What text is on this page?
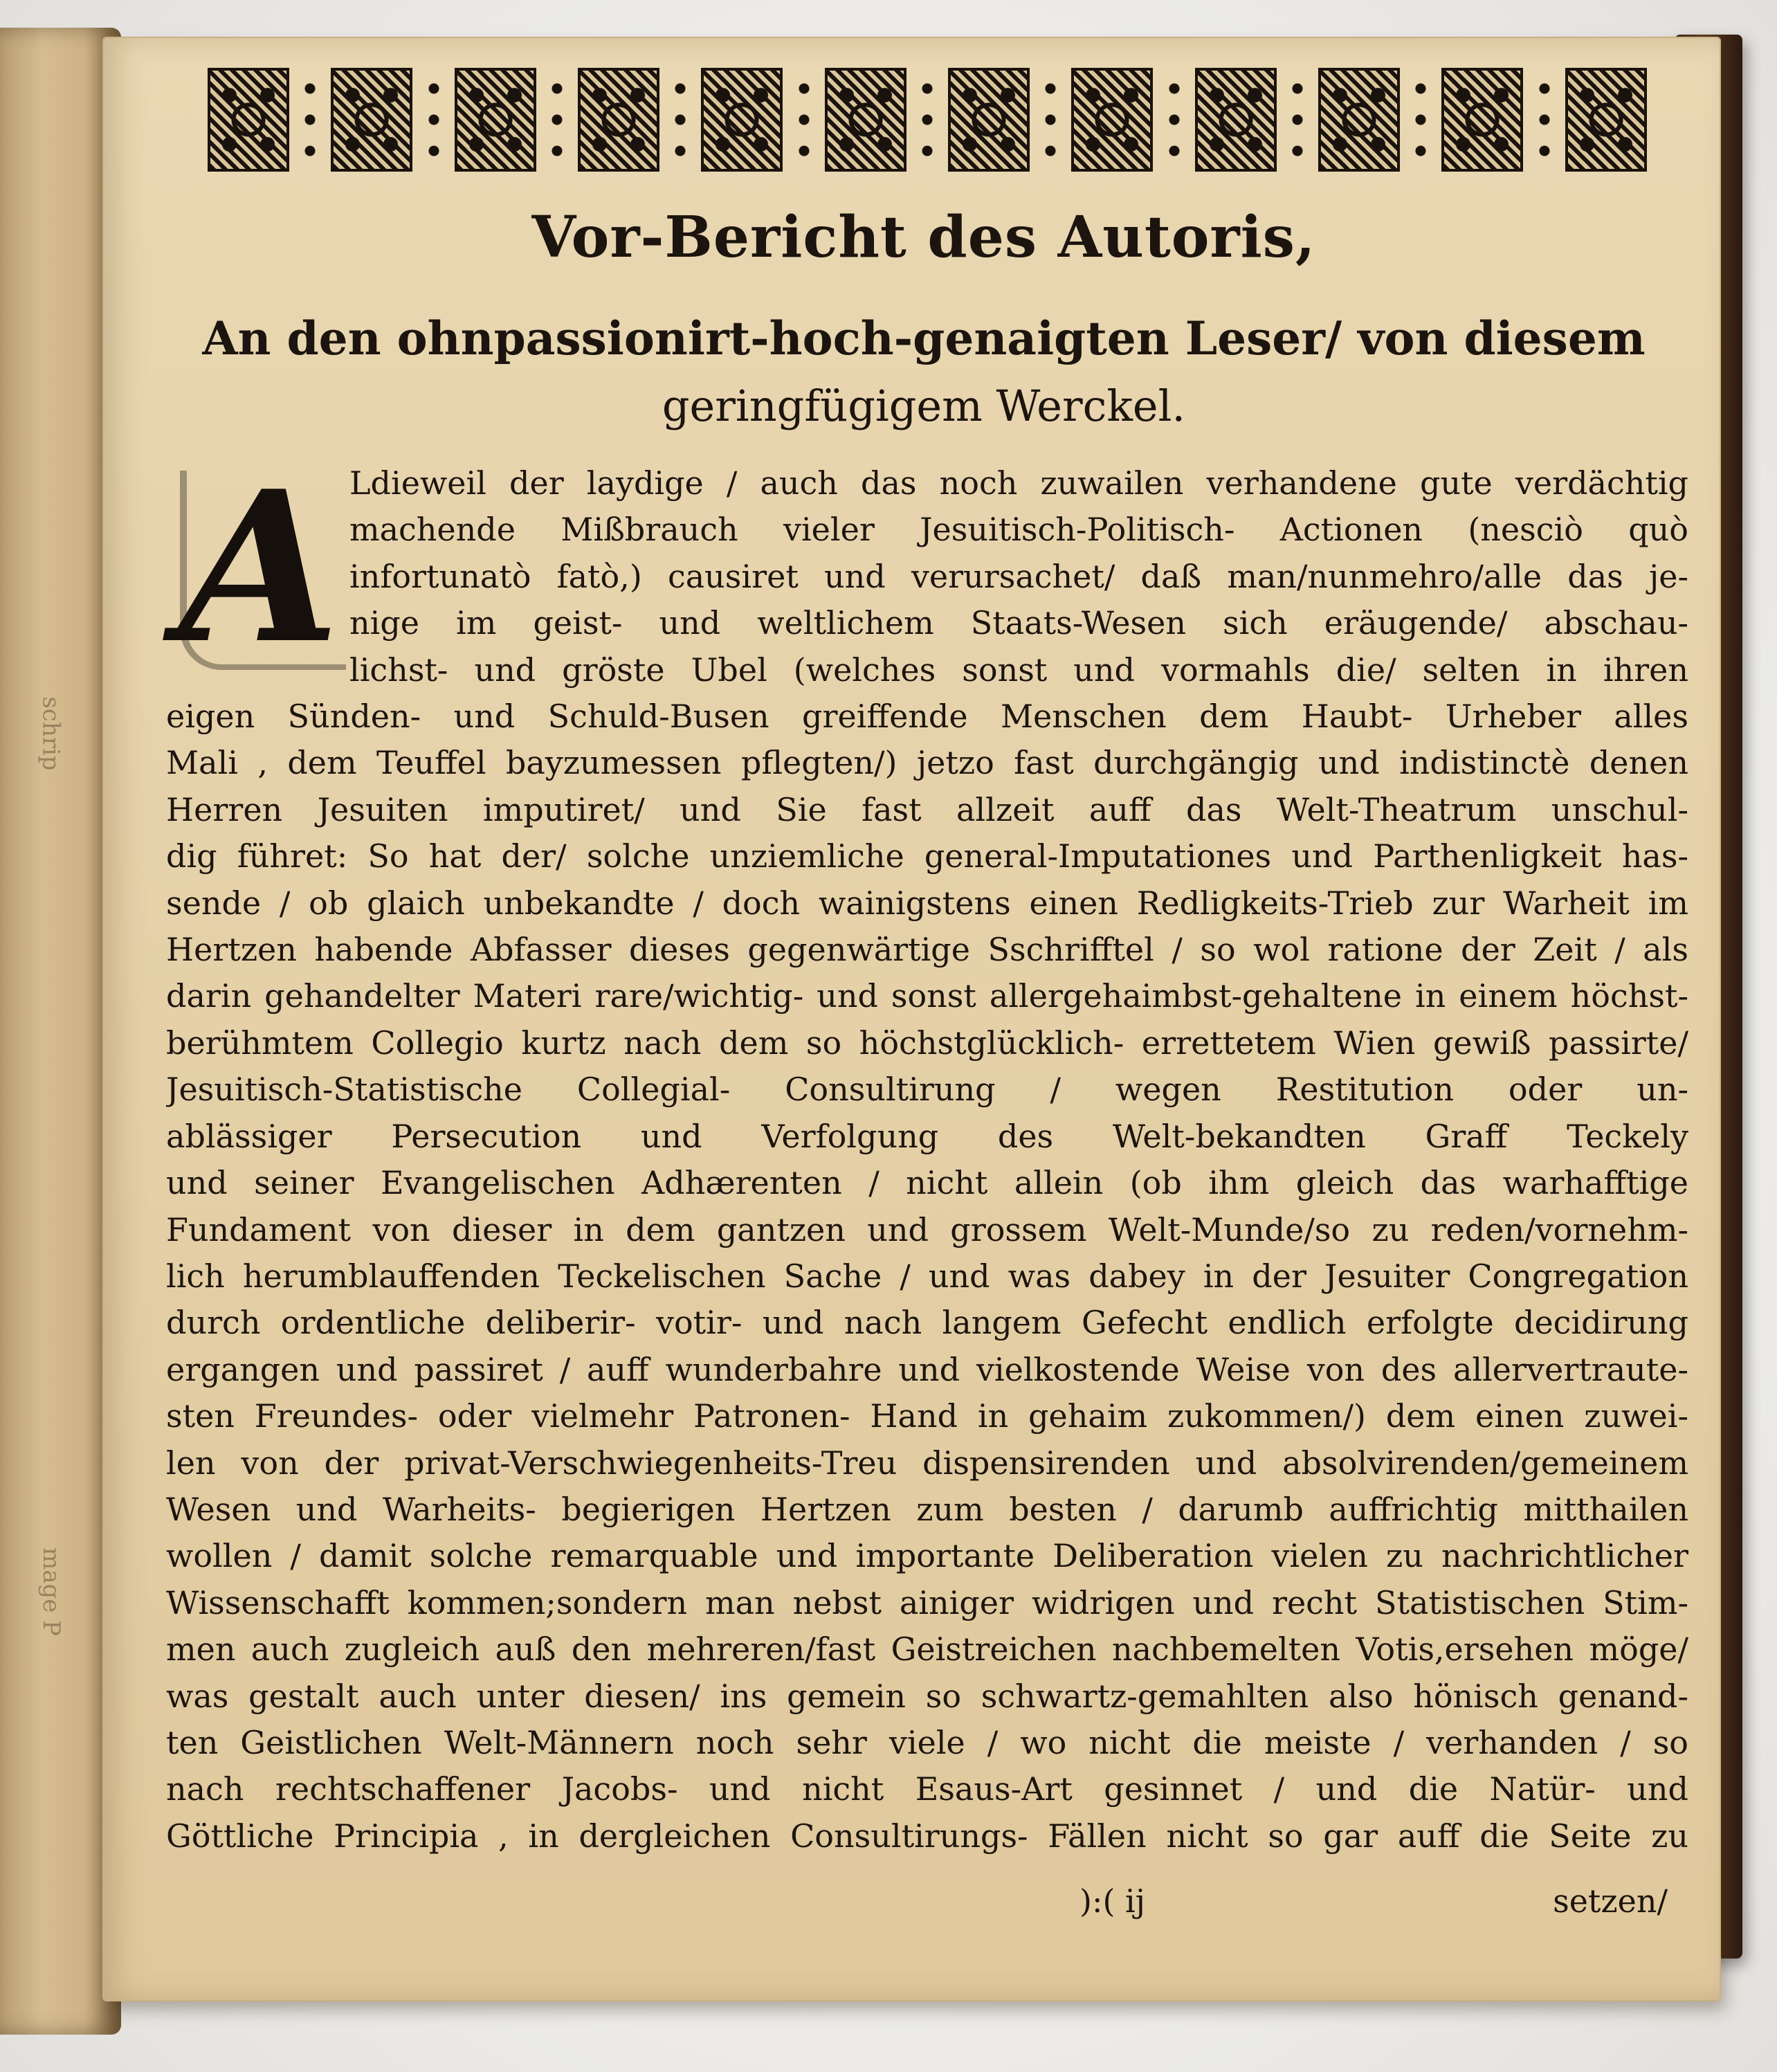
schrip
mage P
Vor-Bericht des Autoris,
An den ohnpassionirt-hoch-genaigten Leser/ von diesem
geringfügigem Werckel.
A Ldieweil der laydige / auch das noch zuwailen verhandene gute verdächtig
machende Mißbrauch vieler Jesuitisch-Politisch- Actionen (nesciò quò
infortunatò fatò,) causiret und verursachet/ daß man/nunmehro/alle das je-
nige im geist- und weltlichem Staats-Wesen sich eräugende/ abschau-
lichst- und gröste Ubel (welches sonst und vormahls die/ selten in ihren
eigen Sünden- und Schuld-Busen greiffende Menschen dem Haubt- Urheber alles
Mali , dem Teuffel bayzumessen pflegten/) jetzo fast durchgängig und indistinctè denen
Herren Jesuiten imputiret/ und Sie fast allzeit auff das Welt-Theatrum unschul-
dig führet: So hat der/ solche unziemliche general-Imputationes und Parthenligkeit has-
sende / ob glaich unbekandte / doch wainigstens einen Redligkeits-Trieb zur Warheit im
Hertzen habende Abfasser dieses gegenwärtige Sschrifftel / so wol ratione der Zeit / als
darin gehandelter Materi rare/wichtig- und sonst allergehaimbst-gehaltene in einem höchst-
berühmtem Collegio kurtz nach dem so höchstglücklich- errettetem Wien gewiß passirte/
Jesuitisch-Statistische Collegial- Consultirung / wegen Restitution oder un-
ablässiger Persecution und Verfolgung des Welt-bekandten Graff Teckely
und seiner Evangelischen Adhærenten / nicht allein (ob ihm gleich das warhafftige
Fundament von dieser in dem gantzen und grossem Welt-Munde/so zu reden/vornehm-
lich herumblauffenden Teckelischen Sache / und was dabey in der Jesuiter Congregation
durch ordentliche deliberir- votir- und nach langem Gefecht endlich erfolgte decidirung
ergangen und passiret / auff wunderbahre und vielkostende Weise von des allervertraute-
sten Freundes- oder vielmehr Patronen- Hand in gehaim zukommen/) dem einen zuwei-
len von der privat-Verschwiegenheits-Treu dispensirenden und absolvirenden/gemeinem
Wesen und Warheits- begierigen Hertzen zum besten / darumb auffrichtig mitthailen
wollen / damit solche remarquable und importante Deliberation vielen zu nachrichtlicher
Wissenschafft kommen;sondern man nebst ainiger widrigen und recht Statistischen Stim-
men auch zugleich auß den mehreren/fast Geistreichen nachbemelten Votis,ersehen möge/
was gestalt auch unter diesen/ ins gemein so schwartz-gemahlten also hönisch genand-
ten Geistlichen Welt-Männern noch sehr viele / wo nicht die meiste / verhanden / so
nach rechtschaffener Jacobs- und nicht Esaus-Art gesinnet / und die Natür- und
Göttliche Principia , in dergleichen Consultirungs- Fällen nicht so gar auff die Seite zu
):( ij	setzen/
